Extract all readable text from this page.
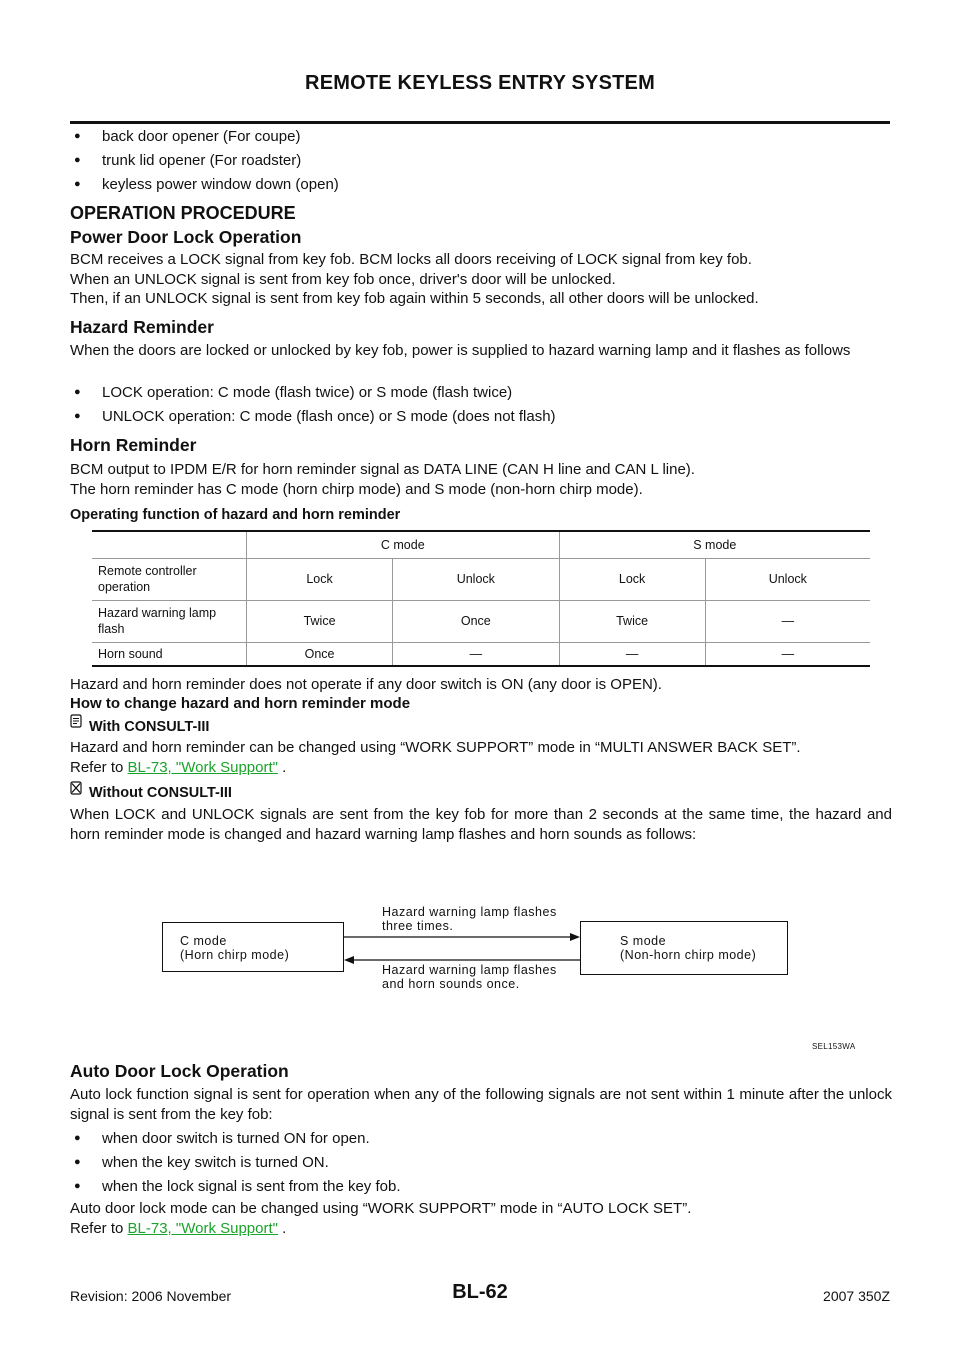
REMOTE KEYLESS ENTRY SYSTEM
● back door opener (For coupe)
● trunk lid opener (For roadster)
● keyless power window down (open)
OPERATION PROCEDURE
Power Door Lock Operation

BCM receives a LOCK signal from key fob. BCM locks all doors receiving of LOCK signal from key fob.

When an UNLOCK signal is sent from key fob once, driver's door will be unlocked.

Then, if an UNLOCK signal is sent from key fob again within 5 seconds, all other doors will be unlocked.

Hazard Reminder
When the doors are locked or unlocked by key fob, power is supplied to hazard warning lamp and it flashes as follows
● LOCK operation: C mode (flash twice) or S mode (flash twice)
● UNLOCK operation: C mode (flash once) or S mode (does not flash)
Horn Reminder

BCM output to IPDM E/R for horn reminder signal as DATA LINE (CAN H line and CAN L line).

The horn reminder has C mode (horn chirp mode) and S mode (non-horn chirp mode).

Operating function of hazard and horn reminder
	C mode		S mode	
Remote controller operation	Lock	Unlock	Lock	Unlock
Hazard warning lamp flash	Twice	Once	Twice	—
Horn sound	Once	—	—	—
Hazard and horn reminder does not operate if any door switch is ON (any door is OPEN).
How to change hazard and horn reminder mode
With CONSULT-III
Hazard and horn reminder can be changed using “WORK SUPPORT” mode in “MULTI ANSWER BACK SET”.
Refer to BL-73, "Work Support" .
Without CONSULT-III
When LOCK and UNLOCK signals are sent from the key fob for more than 2 seconds at the same time, the hazard and horn reminder mode is changed and hazard warning lamp flashes and horn sounds as follows:
C mode
(Horn chirp mode)
S mode
(Non-horn chirp mode)
Hazard warning lamp flashes
three times.
Hazard warning lamp flashes
and horn sounds once.
SEL153WA
Auto Door Lock Operation
Auto lock function signal is sent for operation when any of the following signals are not sent within 1 minute after the unlock signal is sent from the key fob:
● when door switch is turned ON for open.
● when the key switch is turned ON.
● when the lock signal is sent from the key fob.
Auto door lock mode can be changed using “WORK SUPPORT” mode in “AUTO LOCK SET”.
Refer to BL-73, "Work Support" .
Revision: 2006 November	BL-62	2007 350Z
